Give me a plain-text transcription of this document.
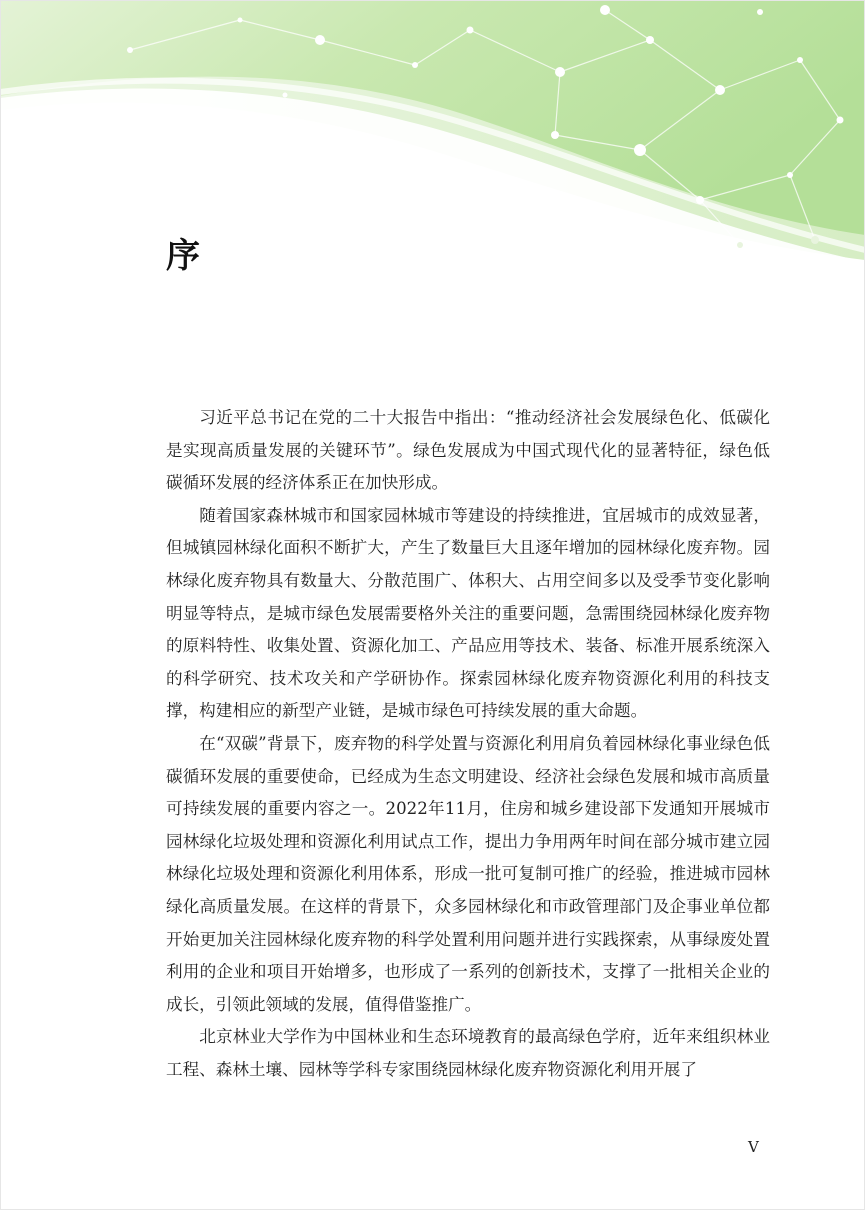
序

习近平总书记在党的二十大报告中指出：“推动经济社会发展绿色化、低碳化是实现高质量发展的关键环节”。绿色发展成为中国式现代化的显著特征，绿色低碳循环发展的经济体系正在加快形成。

随着国家森林城市和国家园林城市等建设的持续推进，宜居城市的成效显著，但城镇园林绿化面积不断扩大，产生了数量巨大且逐年增加的园林绿化废弃物。园林绿化废弃物具有数量大、分散范围广、体积大、占用空间多以及受季节变化影响明显等特点，是城市绿色发展需要格外关注的重要问题，急需围绕园林绿化废弃物的原料特性、收集处置、资源化加工、产品应用等技术、装备、标准开展系统深入的科学研究、技术攻关和产学研协作。探索园林绿化废弃物资源化利用的科技支撑，构建相应的新型产业链，是城市绿色可持续发展的重大命题。

在“双碳”背景下，废弃物的科学处置与资源化利用肩负着园林绿化事业绿色低碳循环发展的重要使命，已经成为生态文明建设、经济社会绿色发展和城市高质量可持续发展的重要内容之一。2022年11月，住房和城乡建设部下发通知开展城市园林绿化垃圾处理和资源化利用试点工作，提出力争用两年时间在部分城市建立园林绿化垃圾处理和资源化利用体系，形成一批可复制可推广的经验，推进城市园林绿化高质量发展。在这样的背景下，众多园林绿化和市政管理部门及企事业单位都开始更加关注园林绿化废弃物的科学处置利用问题并进行实践探索，从事绿废处置利用的企业和项目开始增多，也形成了一系列的创新技术，支撑了一批相关企业的成长，引领此领域的发展，值得借鉴推广。

北京林业大学作为中国林业和生态环境教育的最高绿色学府，近年来组织林业工程、森林土壤、园林等学科专家围绕园林绿化废弃物资源化利用开展了

V
